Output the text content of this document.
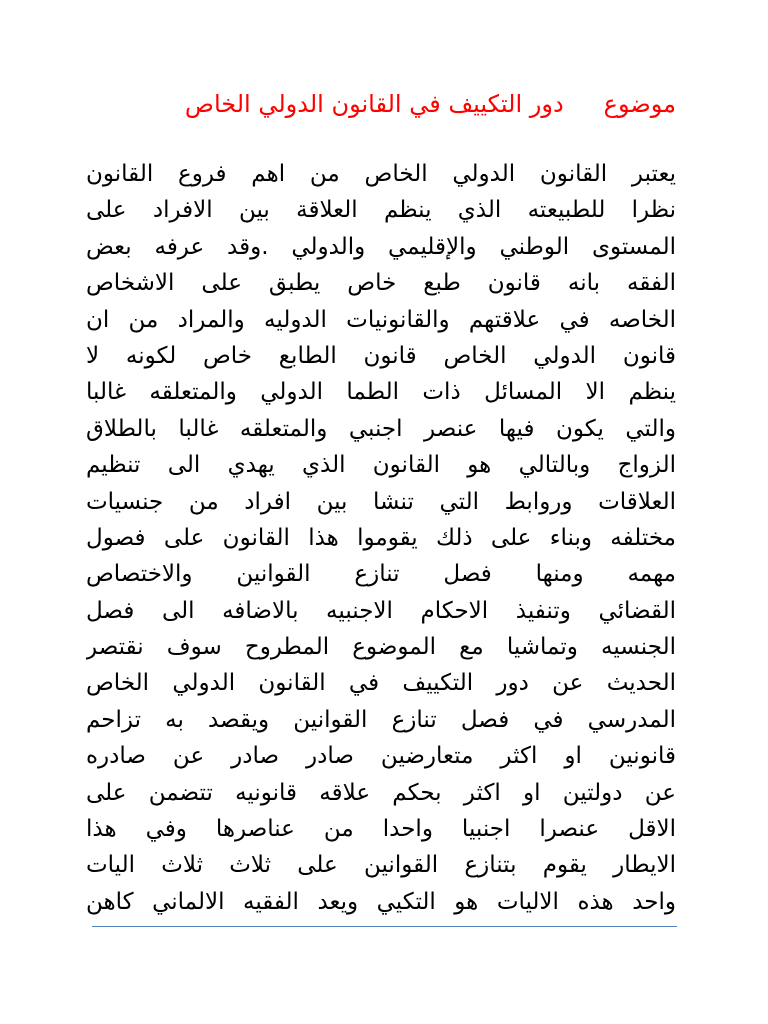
موضوعدور التكييف في القانون الدولي الخاص
يعتبر القانون الدولي الخاص من اهم فروع القانون
نظرا للطبيعته الذي ينظم العلاقة بين الافراد على
المستوى الوطني والإقليمي والدولي .وقد عرفه بعض
الفقه بانه قانون طبع خاص يطبق على الاشخاص
الخاصه في علاقتهم والقانونيات الدوليه والمراد من ان
قانون الدولي الخاص قانون الطابع خاص لكونه لا
ينظم الا المسائل ذات الطما الدولي والمتعلقه غالبا
والتي يكون فيها عنصر اجنبي والمتعلقه غالبا بالطلاق
الزواج وبالتالي هو القانون الذي يهدي الى تنظيم
العلاقات وروابط التي تنشا بين افراد من جنسيات
مختلفه وبناء على ذلك يقوموا هذا القانون على فصول
مهمه ومنها فصل تنازع القوانين والاختصاص
القضائي وتنفيذ الاحكام الاجنبيه بالاضافه الى فصل
الجنسيه وتماشيا مع الموضوع المطروح سوف نقتصر
الحديث عن دور التكييف في القانون الدولي الخاص
المدرسي في فصل تنازع القوانين ويقصد به تزاحم
قانونين او اكثر متعارضين صادر صادر عن صادره
عن دولتين او اكثر بحكم علاقه قانونيه تتضمن على
الاقل عنصرا اجنبيا واحدا من عناصرها وفي هذا
الايطار يقوم بتنازع القوانين على ثلاث ثلاث اليات
واحد هذه الاليات هو التكيي ويعد الفقيه الالماني كاهن
